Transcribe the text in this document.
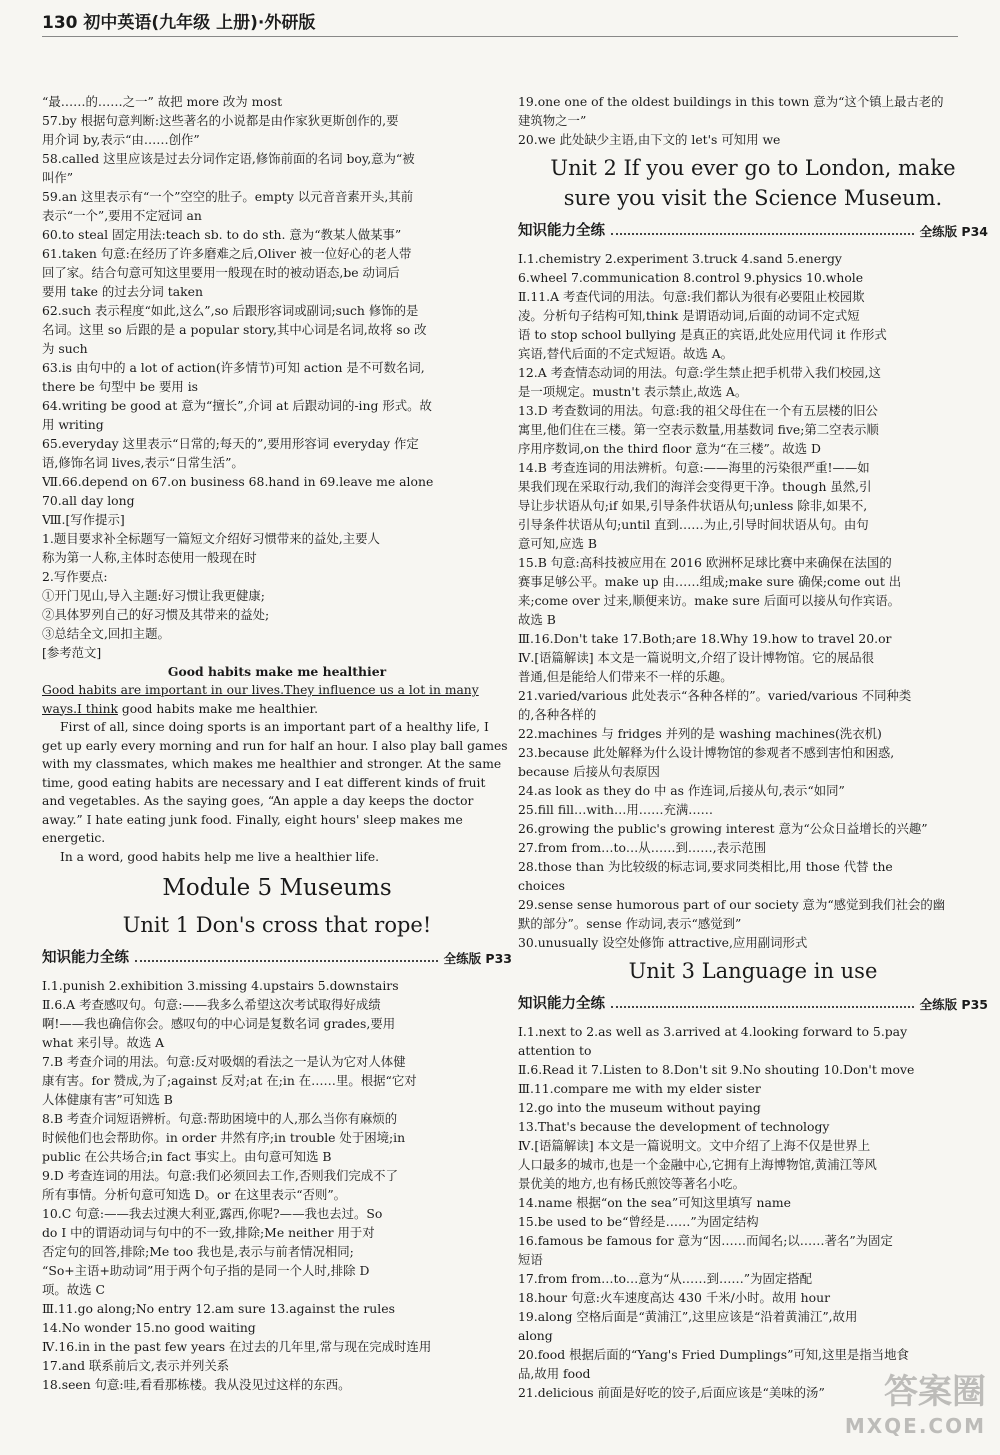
130 初中英语(九年级 上册)·外研版
“最……的……之一” 故把 more 改为 most
57.by 根据句意判断:这些著名的小说都是由作家狄更斯创作的,要
用介词 by,表示“由……创作”
58.called 这里应该是过去分词作定语,修饰前面的名词 boy,意为“被
叫作”
59.an 这里表示有“一个”空空的肚子。empty 以元音音素开头,其前
表示“一个”,要用不定冠词 an
60.to steal 固定用法:teach sb. to do sth. 意为“教某人做某事”
61.taken 句意:在经历了许多磨难之后,Oliver 被一位好心的老人带
回了家。结合句意可知这里要用一般现在时的被动语态,be 动词后
要用 take 的过去分词 taken
62.such 表示程度“如此,这么”,so 后跟形容词或副词;such 修饰的是
名词。这里 so 后跟的是 a popular story,其中心词是名词,故将 so 改
为 such
63.is 由句中的 a lot of action(许多情节)可知 action 是不可数名词,
there be 句型中 be 要用 is
64.writing be good at 意为“擅长”,介词 at 后跟动词的-ing 形式。故
用 writing
65.everyday 这里表示“日常的;每天的”,要用形容词 everyday 作定
语,修饰名词 lives,表示“日常生活”。
Ⅶ.66.depend on 67.on business 68.hand in 69.leave me alone
70.all day long
Ⅷ.[写作提示]
1.题目要求补全标题写一篇短文介绍好习惯带来的益处,主要人
称为第一人称,主体时态使用一般现在时
2.写作要点:
①开门见山,导入主题:好习惯让我更健康;
②具体罗列自己的好习惯及其带来的益处;
③总结全文,回扣主题。
[参考范文]
Good habits make me healthier

Good habits are important in our lives.They influence us a lot in many ways.I think good habits make me healthier.

First of all, since doing sports is an important part of a healthy life, I get up early every morning and run for half an hour. I also play ball games with my classmates, which makes me healthier and stronger. At the same time, good eating habits are necessary and I eat different kinds of fruit and vegetables. As the saying goes, “An apple a day keeps the doctor away.” I hate eating junk food. Finally, eight hours' sleep makes me energetic.

In a word, good habits help me live a healthier life.

Module 5 Museums
Unit 1 Don's cross that rope!
知识能力全练	全练版 P33
Ⅰ.1.punish 2.exhibition 3.missing 4.upstairs 5.downstairs
Ⅱ.6.A 考查感叹句。句意:——我多么希望这次考试取得好成绩
啊!——我也确信你会。感叹句的中心词是复数名词 grades,要用
what 来引导。故选 A
7.B 考查介词的用法。句意:反对吸烟的看法之一是认为它对人体健
康有害。for 赞成,为了;against 反对;at 在;in 在……里。根据“它对
人体健康有害”可知选 B
8.B 考查介词短语辨析。句意:帮助困境中的人,那么当你有麻烦的
时候他们也会帮助你。in order 井然有序;in trouble 处于困境;in
public 在公共场合;in fact 事实上。由句意可知选 B
9.D 考查连词的用法。句意:我们必须回去工作,否则我们完成不了
所有事情。分析句意可知选 D。or 在这里表示“否则”。
10.C 句意:——我去过澳大利亚,露西,你呢?——我也去过。So
do I 中的谓语动词与句中的不一致,排除;Me neither 用于对
否定句的回答,排除;Me too 我也是,表示与前者情况相同;
“So+主语+助动词”用于两个句子指的是同一个人时,排除 D
项。故选 C
Ⅲ.11.go along;No entry 12.am sure 13.against the rules
14.No wonder 15.no good waiting
Ⅳ.16.in in the past few years 在过去的几年里,常与现在完成时连用
17.and 联系前后文,表示并列关系
18.seen 句意:哇,看看那栋楼。我从没见过这样的东西。
19.one one of the oldest buildings in this town 意为“这个镇上最古老的
建筑物之一”
20.we 此处缺少主语,由下文的 let's 可知用 we
Unit 2 If you ever go to London, make
sure you visit the Science Museum.
知识能力全练	全练版 P34
Ⅰ.1.chemistry 2.experiment 3.truck 4.sand 5.energy
6.wheel 7.communication 8.control 9.physics 10.whole
Ⅱ.11.A 考查代词的用法。句意:我们都认为很有必要阻止校园欺
凌。分析句子结构可知,think 是谓语动词,后面的动词不定式短
语 to stop school bullying 是真正的宾语,此处应用代词 it 作形式
宾语,替代后面的不定式短语。故选 A。
12.A 考查情态动词的用法。句意:学生禁止把手机带入我们校园,这
是一项规定。mustn't 表示禁止,故选 A。
13.D 考查数词的用法。句意:我的祖父母住在一个有五层楼的旧公
寓里,他们住在三楼。第一空表示数量,用基数词 five;第二空表示顺
序用序数词,on the third floor 意为“在三楼”。故选 D
14.B 考查连词的用法辨析。句意:——海里的污染很严重!——如
果我们现在采取行动,我们的海洋会变得更干净。though 虽然,引
导让步状语从句;if 如果,引导条件状语从句;unless 除非,如果不,
引导条件状语从句;until 直到……为止,引导时间状语从句。由句
意可知,应选 B
15.B 句意:高科技被应用在 2016 欧洲杯足球比赛中来确保在法国的
赛事足够公平。make up 由……组成;make sure 确保;come out 出
来;come over 过来,顺便来访。make sure 后面可以接从句作宾语。
故选 B
Ⅲ.16.Don't take 17.Both;are 18.Why 19.how to travel 20.or
Ⅳ.[语篇解读] 本文是一篇说明文,介绍了设计博物馆。它的展品很
普通,但是能给人们带来不一样的乐趣。
21.varied/various 此处表示“各种各样的”。varied/various 不同种类
的,各种各样的
22.machines 与 fridges 并列的是 washing machines(洗衣机)
23.because 此处解释为什么设计博物馆的参观者不感到害怕和困惑,
because 后接从句表原因
24.as look as they do 中 as 作连词,后接从句,表示“如同”
25.fill fill…with…用……充满……
26.growing the public's growing interest 意为“公众日益增长的兴趣”
27.from from…to…从……到……,表示范围
28.those than 为比较级的标志词,要求同类相比,用 those 代替 the
choices
29.sense sense humorous part of our society 意为“感觉到我们社会的幽
默的部分”。sense 作动词,表示“感觉到”
30.unusually 设空处修饰 attractive,应用副词形式
Unit 3 Language in use
知识能力全练	全练版 P35
Ⅰ.1.next to 2.as well as 3.arrived at 4.looking forward to 5.pay
attention to
Ⅱ.6.Read it 7.Listen to 8.Don't sit 9.No shouting 10.Don't move
Ⅲ.11.compare me with my elder sister
12.go into the museum without paying
13.That's because the development of technology
Ⅳ.[语篇解读] 本文是一篇说明文。文中介绍了上海不仅是世界上
人口最多的城市,也是一个金融中心,它拥有上海博物馆,黄浦江等风
景优美的地方,也有杨氏煎饺等著名小吃。
14.name 根据“on the sea”可知这里填写 name
15.be used to be“曾经是……”为固定结构
16.famous be famous for 意为“因……而闻名;以……著名”为固定
短语
17.from from…to…意为“从……到……”为固定搭配
18.hour 句意:火车速度高达 430 千米/小时。故用 hour
19.along 空格后面是“黄浦江”,这里应该是“沿着黄浦江”,故用
along
20.food 根据后面的“Yang's Fried Dumplings”可知,这里是指当地食
品,故用 food
21.delicious 前面是好吃的饺子,后面应该是“美味的汤”	答案圈
MXQE.COM
